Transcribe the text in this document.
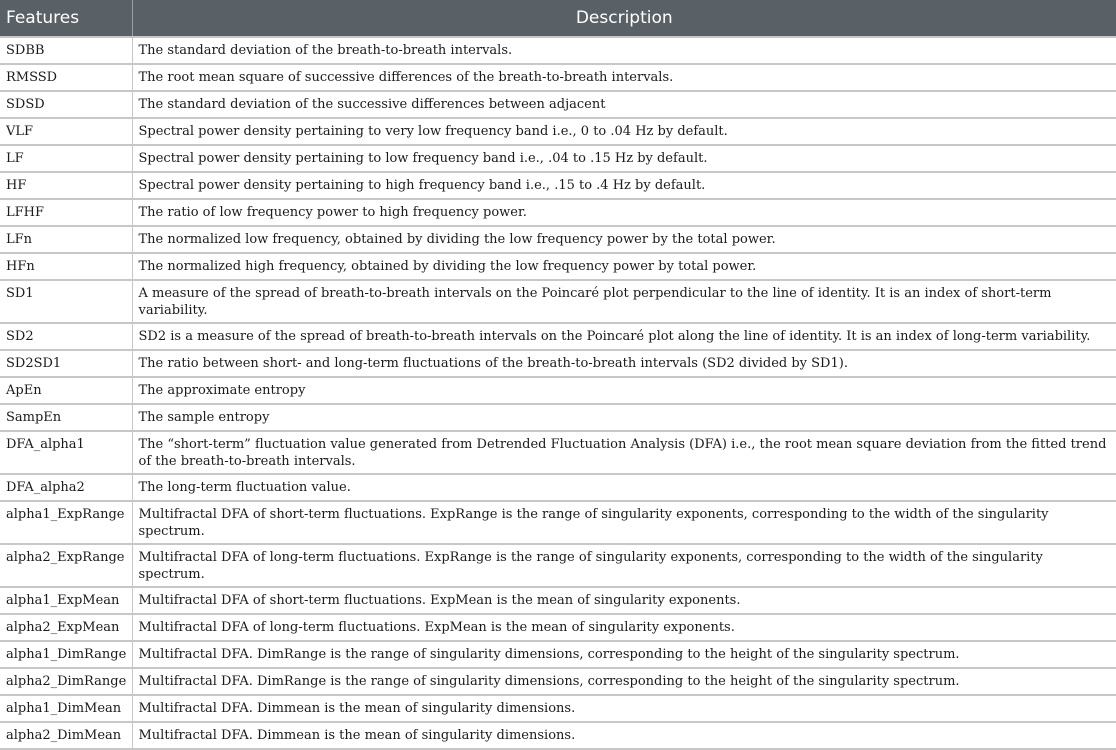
Features	Description
SDBB	The standard deviation of the breath-to-breath intervals.
RMSSD	The root mean square of successive differences of the breath-to-breath intervals.
SDSD	The standard deviation of the successive differences between adjacent
VLF	Spectral power density pertaining to very low frequency band i.e., 0 to .04 Hz by default.
LF	Spectral power density pertaining to low frequency band i.e., .04 to .15 Hz by default.
HF	Spectral power density pertaining to high frequency band i.e., .15 to .4 Hz by default.
LFHF	The ratio of low frequency power to high frequency power.
LFn	The normalized low frequency, obtained by dividing the low frequency power by the total power.
HFn	The normalized high frequency, obtained by dividing the low frequency power by total power.
SD1	A measure of the spread of breath-to-breath intervals on the Poincaré plot perpendicular to the line of identity. It is an index of short-term variability.
SD2	SD2 is a measure of the spread of breath-to-breath intervals on the Poincaré plot along the line of identity. It is an index of long-term variability.
SD2SD1	The ratio between short- and long-term fluctuations of the breath-to-breath intervals (SD2 divided by SD1).
ApEn	The approximate entropy
SampEn	The sample entropy
DFA_alpha1	The “short-term” fluctuation value generated from Detrended Fluctuation Analysis (DFA) i.e., the root mean square deviation from the fitted trend of the breath-to-breath intervals.
DFA_alpha2	The long-term fluctuation value.
alpha1_ExpRange	Multifractal DFA of short-term fluctuations. ExpRange is the range of singularity exponents, corresponding to the width of the singularity spectrum.
alpha2_ExpRange	Multifractal DFA of long-term fluctuations. ExpRange is the range of singularity exponents, corresponding to the width of the singularity spectrum.
alpha1_ExpMean	Multifractal DFA of short-term fluctuations. ExpMean is the mean of singularity exponents.
alpha2_ExpMean	Multifractal DFA of long-term fluctuations. ExpMean is the mean of singularity exponents.
alpha1_DimRange	Multifractal DFA. DimRange is the range of singularity dimensions, corresponding to the height of the singularity spectrum.
alpha2_DimRange	Multifractal DFA. DimRange is the range of singularity dimensions, corresponding to the height of the singularity spectrum.
alpha1_DimMean	Multifractal DFA. Dimmean is the mean of singularity dimensions.
alpha2_DimMean	Multifractal DFA. Dimmean is the mean of singularity dimensions.
